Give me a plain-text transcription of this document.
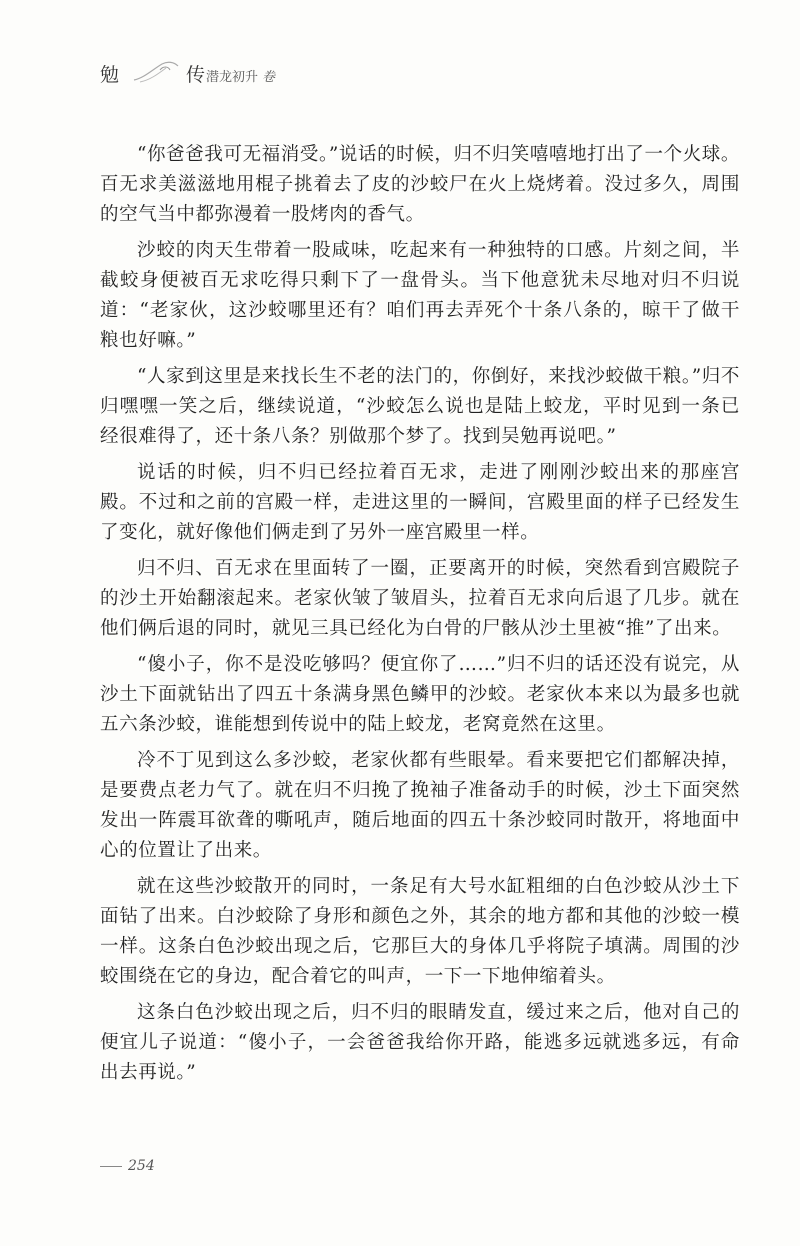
勉	传 潜龙初升 卷

“你爸爸我可无福消受。”说话的时候，归不归笑嘻嘻地打出了一个火球。百无求美滋滋地用棍子挑着去了皮的沙蛟尸在火上烧烤着。没过多久，周围的空气当中都弥漫着一股烤肉的香气。

沙蛟的肉天生带着一股咸味，吃起来有一种独特的口感。片刻之间，半截蛟身便被百无求吃得只剩下了一盘骨头。当下他意犹未尽地对归不归说道：“老家伙，这沙蛟哪里还有？咱们再去弄死个十条八条的，晾干了做干粮也好嘛。”

“人家到这里是来找长生不老的法门的，你倒好，来找沙蛟做干粮。”归不归嘿嘿一笑之后，继续说道，“沙蛟怎么说也是陆上蛟龙，平时见到一条已经很难得了，还十条八条？别做那个梦了。找到吴勉再说吧。”

说话的时候，归不归已经拉着百无求，走进了刚刚沙蛟出来的那座宫殿。不过和之前的宫殿一样，走进这里的一瞬间，宫殿里面的样子已经发生了变化，就好像他们俩走到了另外一座宫殿里一样。

归不归、百无求在里面转了一圈，正要离开的时候，突然看到宫殿院子的沙土开始翻滚起来。老家伙皱了皱眉头，拉着百无求向后退了几步。就在他们俩后退的同时，就见三具已经化为白骨的尸骸从沙土里被“推”了出来。

“傻小子，你不是没吃够吗？便宜你了……”归不归的话还没有说完，从沙土下面就钻出了四五十条满身黑色鳞甲的沙蛟。老家伙本来以为最多也就五六条沙蛟，谁能想到传说中的陆上蛟龙，老窝竟然在这里。

冷不丁见到这么多沙蛟，老家伙都有些眼晕。看来要把它们都解决掉，是要费点老力气了。就在归不归挽了挽袖子准备动手的时候，沙土下面突然发出一阵震耳欲聋的嘶吼声，随后地面的四五十条沙蛟同时散开，将地面中心的位置让了出来。

就在这些沙蛟散开的同时，一条足有大号水缸粗细的白色沙蛟从沙土下面钻了出来。白沙蛟除了身形和颜色之外，其余的地方都和其他的沙蛟一模一样。这条白色沙蛟出现之后，它那巨大的身体几乎将院子填满。周围的沙蛟围绕在它的身边，配合着它的叫声，一下一下地伸缩着头。

这条白色沙蛟出现之后，归不归的眼睛发直，缓过来之后，他对自己的便宜儿子说道：“傻小子，一会爸爸我给你开路，能逃多远就逃多远，有命出去再说。”

254
